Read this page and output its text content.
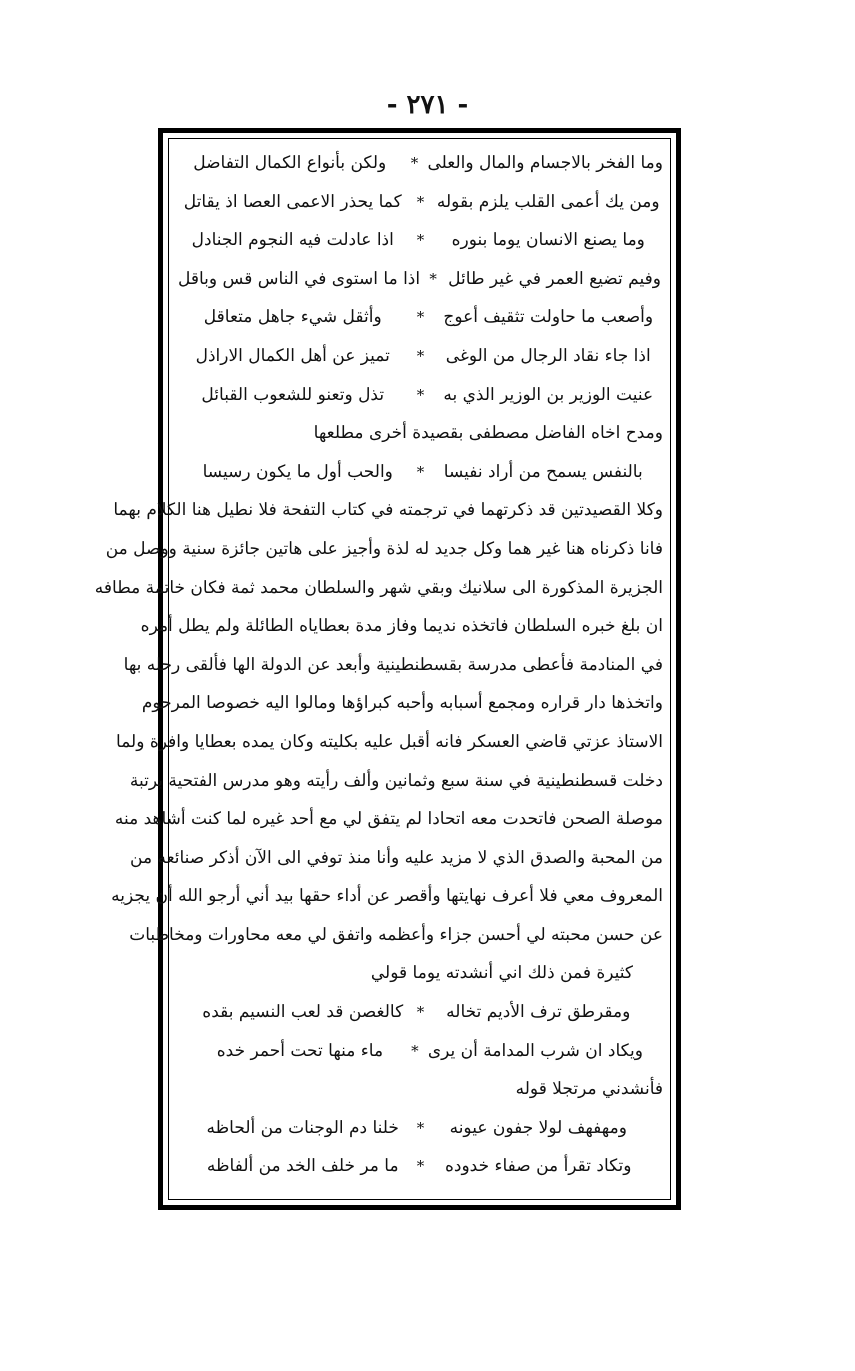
- ٢٧١ -
وما الفخر بالاجسام والمال والعلى
*
ولكن بأنواع الكمال التفاضل
ومن يك أعمى القلب يلزم بقوله
*
كما يحذر الاعمى العصا اذ يقاتل
وما يصنع الانسان يوما بنوره
*
اذا عادلت فيه النجوم الجنادل
وفيم تضيع العمر في غير طائل
*
اذا ما استوى في الناس قس وباقل
وأصعب ما حاولت تثقيف أعوج
*
وأثقل شيء جاهل متعاقل
اذا جاء نقاد الرجال من الوغى
*
تميز عن أهل الكمال الاراذل
عنيت الوزير بن الوزير الذي به
*
تذل وتعنو للشعوب القبائل
ومدح اخاه الفاضل مصطفى بقصيدة أخرى مطلعها
بالنفس يسمح من أراد نفيسا
*
والحب أول ما يكون رسيسا
وكلا القصيدتين قد ذكرتهما في ترجمته في كتاب التفحة فلا نطيل هنا الكلام بهما
فانا ذكرناه هنا غير هما وكل جديد له لذة وأجيز على هاتين جائزة سنية ووصل من
الجزيرة المذكورة الى سلانيك وبقي شهر والسلطان محمد ثمة فكان خاتمة مطافه
ان بلغ خبره السلطان فاتخذه نديما وفاز مدة بعطاياه الطائلة ولم يطل أمره
في المنادمة فأعطى مدرسة بقسطنطينية وأبعد عن الدولة الها فألقى رحله بها
واتخذها دار قراره ومجمع أسبابه وأحبه كبراؤها ومالوا اليه خصوصا المرحوم
الاستاذ عزتي قاضي العسكر فانه أقبل عليه بكليته وكان يمده بعطايا وافرة ولما
دخلت قسطنطينية في سنة سبع وثمانين وألف رأيته وهو مدرس الفتحية برتبة
موصلة الصحن فاتحدت معه اتحادا لم يتفق لي مع أحد غيره لما كنت أشاهد منه
من المحبة والصدق الذي لا مزيد عليه وأنا منذ توفي الى الآن أذكر صنائعه من
المعروف معي فلا أعرف نهايتها وأقصر عن أداء حقها بيد أني أرجو الله أن يجزيه
عن حسن محبته لي أحسن جزاء وأعظمه واتفق لي معه محاورات ومخاطبات
كثيرة فمن ذلك اني أنشدته يوما قولي
ومقرطق ترف الأديم تخاله
*
كالغصن قد لعب النسيم بقده
ويكاد ان شرب المدامة أن يرى
*
ماء منها تحت أحمر خده
فأنشدني مرتجلا قوله
ومهفهف لولا جفون عيونه
*
خلنا دم الوجنات من ألحاظه
وتكاد تقرأ من صفاء خدوده
*
ما مر خلف الخد من ألفاظه
